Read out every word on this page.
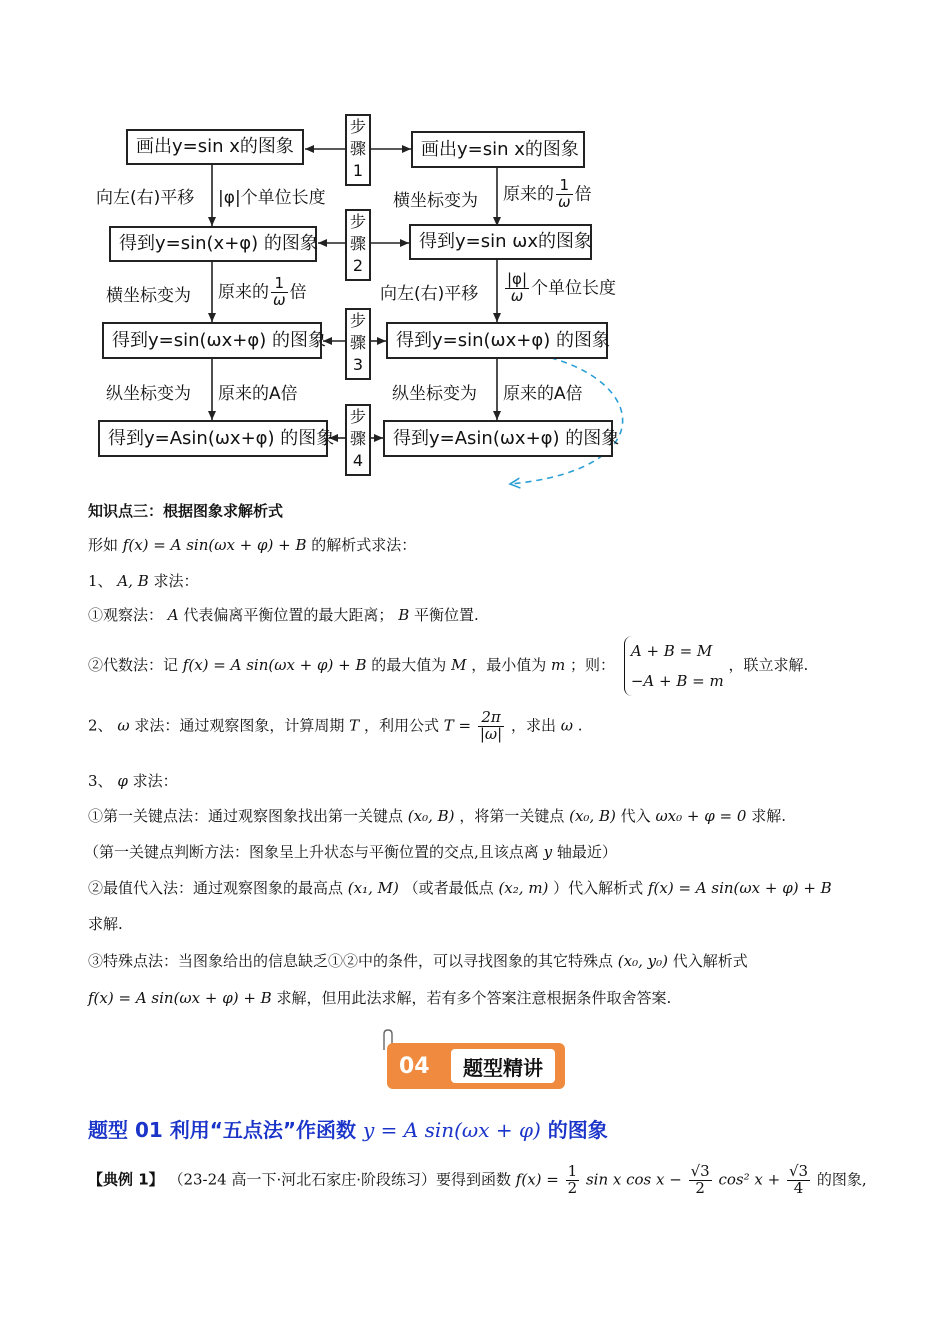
画出y=sin x的图象
得到y=sin(x+φ) 的图象
得到y=sin(ωx+φ) 的图象
得到y=Asin(ωx+φ) 的图象
画出y=sin x的图象
得到y=sin ωx的图象
得到y=sin(ωx+φ) 的图象
得到y=Asin(ωx+φ) 的图象
步
骤
1
步
骤
2
步
骤
3
步
骤
4
向左(右)平移 |φ|个单位长度
横坐标变为 原来的 $\frac{1}{\omega}$ 倍
纵坐标变为 原来的A倍
横坐标变为 原来的 $\frac{1}{\omega}$ 倍
向左(右)平移 $\frac{|\varphi|}{\omega}$ 个单位长度
纵坐标变为 原来的A倍
知识点三：根据图象求解析式
形如 f(x) = A sin(ωx + φ) + B 的解析式求法：
1、 A, B 求法：
①观察法： A 代表偏离平衡位置的最大距离； B 平衡位置.
②代数法：记 f(x) = A sin(ωx + φ) + B 的最大值为 M ，最小值为 m ；则：
A + B = M
−A + B = m
，联立求解.
2、 ω 求法：通过观察图象，计算周期 T ，利用公式 $T = \frac{2\pi}{|\omega|}$ ，求出 ω .
3、 φ 求法：
①第一关键点法：通过观察图象找出第一关键点 (x₀, B) ，将第一关键点 (x₀, B) 代入 ωx₀ + φ = 0 求解.
（第一关键点判断方法：图象呈上升状态与平衡位置的交点,且该点离 y 轴最近）
②最值代入法：通过观察图象的最高点 (x₁, M) （或者最低点 (x₂, m) ）代入解析式 f(x) = A sin(ωx + φ) + B
求解.
③特殊点法：当图象给出的信息缺乏①②中的条件，可以寻找图象的其它特殊点 (x₀, y₀) 代入解析式
f(x) = A sin(ωx + φ) + B 求解，但用此法求解，若有多个答案注意根据条件取舍答案.
04	题型精讲
题型 01 利用“五点法”作函数 y = A sin(ωx + φ) 的图象
【典例 1】 （23-24 高一下·河北石家庄·阶段练习）要得到函数 $f(x) = \frac{1}{2}$ sin x $\cos x - \frac{√3}{2} \cos^2$ $x + \frac{√3}{4}$ 的图象,
